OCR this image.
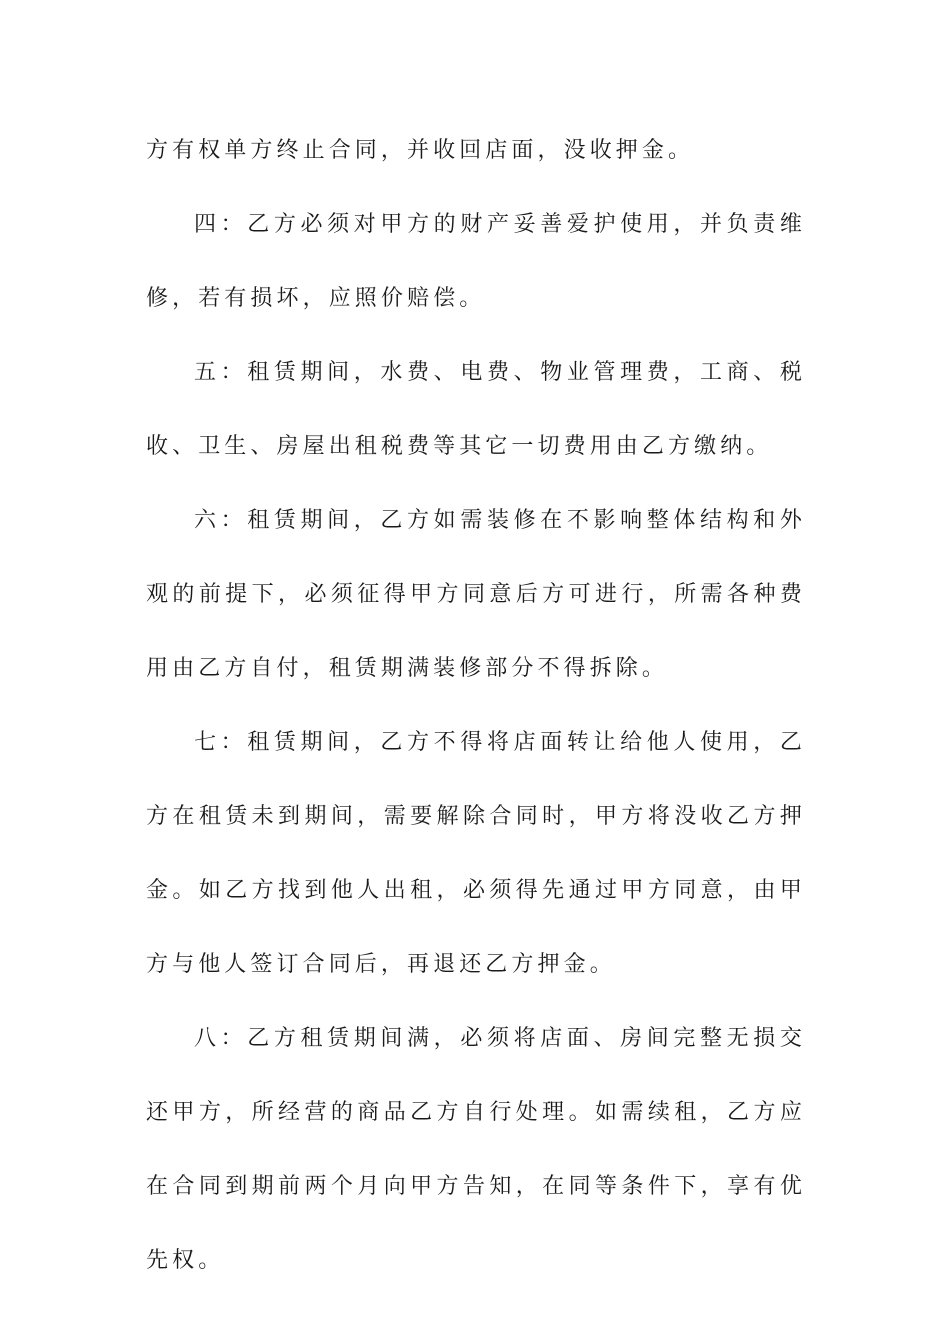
方有权单方终止合同，并收回店面，没收押金。

四：乙方必须对甲方的财产妥善爱护使用，并负责维修，若有损坏，应照价赔偿。

五：租赁期间，水费、电费、物业管理费，工商、税收、卫生、房屋出租税费等其它一切费用由乙方缴纳。

六：租赁期间，乙方如需装修在不影响整体结构和外观的前提下，必须征得甲方同意后方可进行，所需各种费用由乙方自付，租赁期满装修部分不得拆除。

七：租赁期间，乙方不得将店面转让给他人使用，乙方在租赁未到期间，需要解除合同时，甲方将没收乙方押金。如乙方找到他人出租，必须得先通过甲方同意，由甲方与他人签订合同后，再退还乙方押金。

八：乙方租赁期间满，必须将店面、房间完整无损交还甲方，所经营的商品乙方自行处理。如需续租，乙方应在合同到期前两个月向甲方告知，在同等条件下，享有优先权。
